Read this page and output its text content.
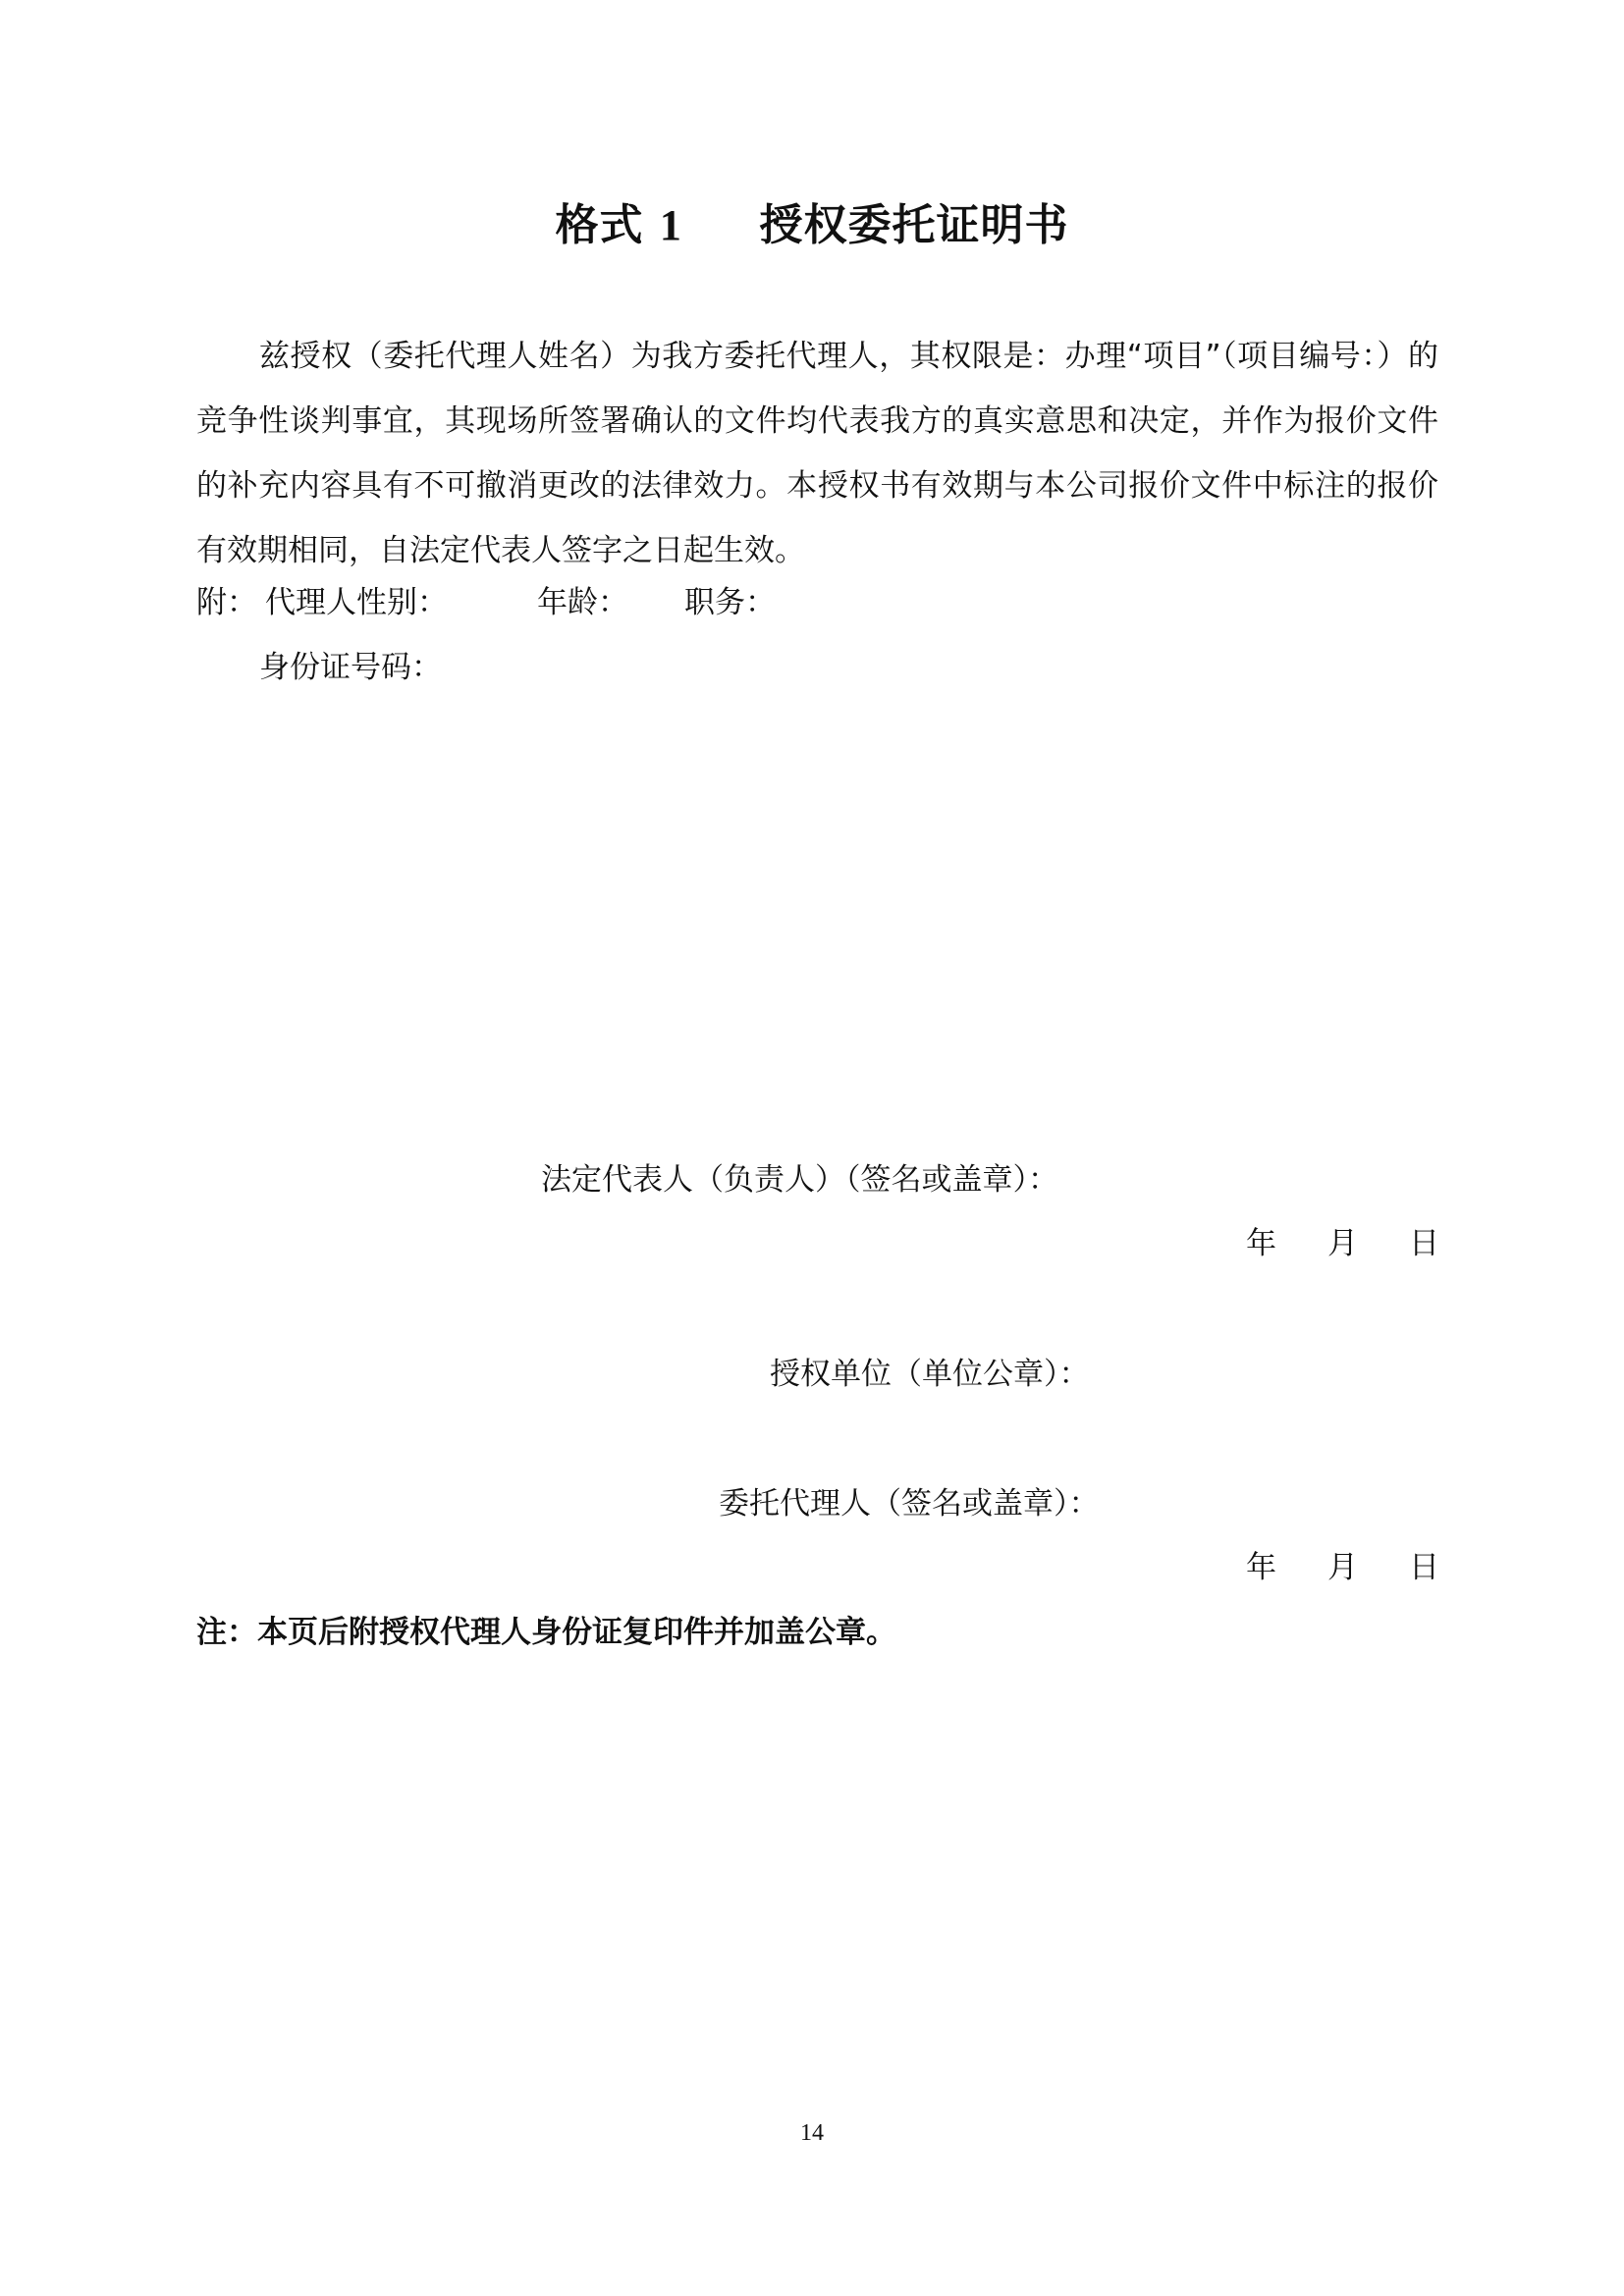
格式 1 授权委托证明书

兹授权（委托代理人姓名）为我方委托代理人，其权限是：办理“项目”（项目编号：）的竞争性谈判事宜，其现场所签署确认的文件均代表我方的真实意思和决定，并作为报价文件的补充内容具有不可撤消更改的法律效力。本授权书有效期与本公司报价文件中标注的报价有效期相同，自法定代表人签字之日起生效。

附： 代理人性别：	年龄： 职务：

身份证号码：

法定代表人（负责人）（签名或盖章）：

年 月 日

授权单位（单位公章）：

委托代理人（签名或盖章）：

年 月 日

注：本页后附授权代理人身份证复印件并加盖公章。

14
